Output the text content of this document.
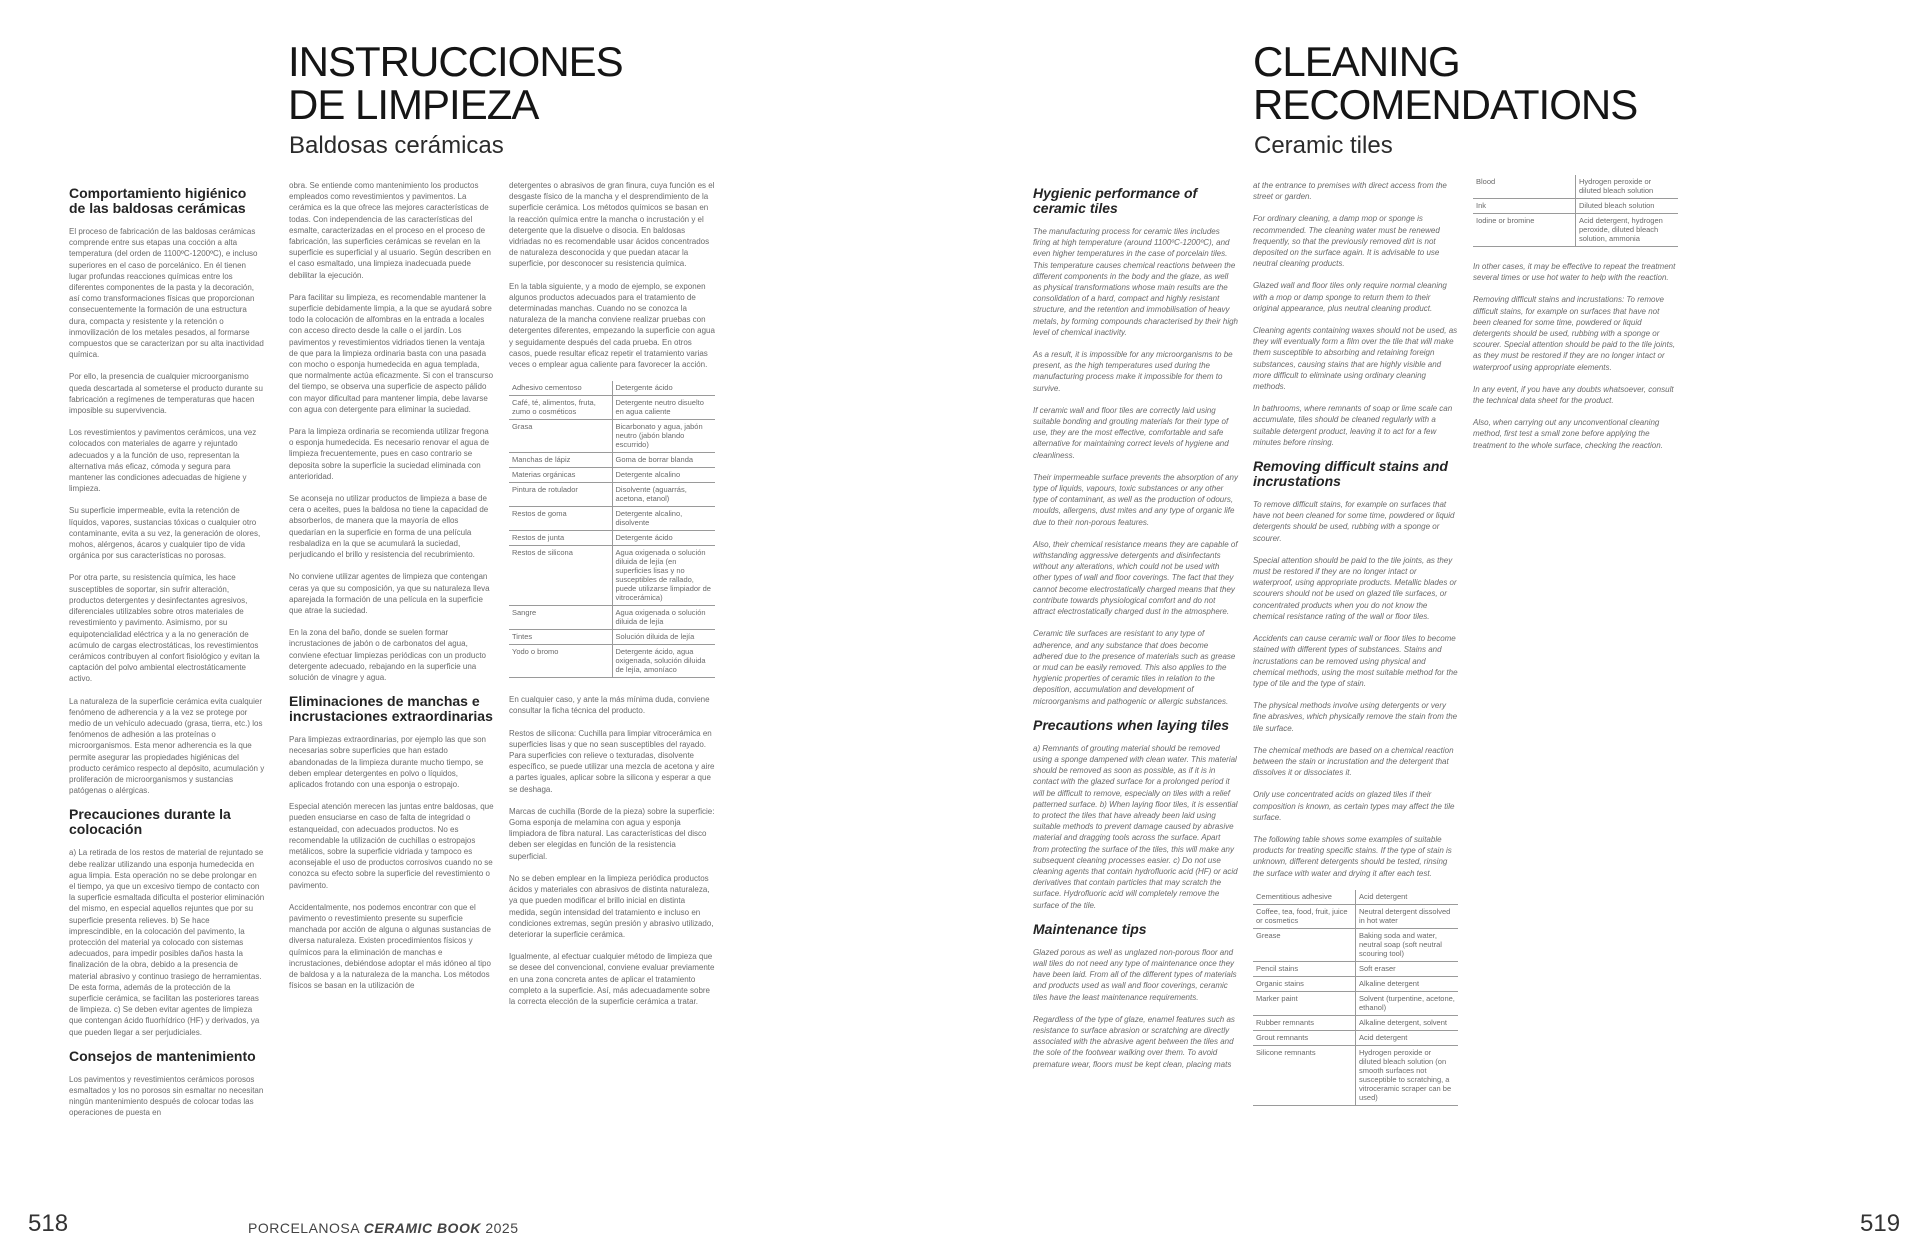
INSTRUCCIONES
DE LIMPIEZA
Baldosas cerámicas
Comportamiento higiénico de las baldosas cerámicas

El proceso de fabricación de las baldosas cerámicas comprende entre sus etapas una cocción a alta temperatura (del orden de 1100ºC-1200ºC), e incluso superiores en el caso de porcelánico. En él tienen lugar profundas reacciones químicas entre los diferentes componentes de la pasta y la decoración, así como transformaciones físicas que proporcionan consecuentemente la formación de una estructura dura, compacta y resistente y la retención o inmovilización de los metales pesados, al formarse compuestos que se caracterizan por su alta inactividad química.

Por ello, la presencia de cualquier microorganismo queda descartada al someterse el producto durante su fabricación a regímenes de temperaturas que hacen imposible su supervivencia.

Los revestimientos y pavimentos cerámicos, una vez colocados con materiales de agarre y rejuntado adecuados y a la función de uso, representan la alternativa más eficaz, cómoda y segura para mantener las condiciones adecuadas de higiene y limpieza.

Su superficie impermeable, evita la retención de líquidos, vapores, sustancias tóxicas o cualquier otro contaminante, evita a su vez, la generación de olores, mohos, alérgenos, ácaros y cualquier tipo de vida orgánica por sus características no porosas.

Por otra parte, su resistencia química, les hace susceptibles de soportar, sin sufrir alteración, productos detergentes y desinfectantes agresivos, diferenciales utilizables sobre otros materiales de revestimiento y pavimento. Asimismo, por su equipotencialidad eléctrica y a la no generación de acúmulo de cargas electrostáticas, los revestimientos cerámicos contribuyen al confort fisiológico y evitan la captación del polvo ambiental electrostáticamente activo.

La naturaleza de la superficie cerámica evita cualquier fenómeno de adherencia y a la vez se protege por medio de un vehículo adecuado (grasa, tierra, etc.) los fenómenos de adhesión a las proteínas o microorganismos. Esta menor adherencia es la que permite asegurar las propiedades higiénicas del producto cerámico respecto al depósito, acumulación y proliferación de microorganismos y sustancias patógenas o alérgicas.

Precauciones durante la colocación

a) La retirada de los restos de material de rejuntado se debe realizar utilizando una esponja humedecida en agua limpia. Esta operación no se debe prolongar en el tiempo, ya que un excesivo tiempo de contacto con la superficie esmaltada dificulta el posterior eliminación del mismo, en especial aquellos rejuntes que por su superficie presenta relieves. b) Se hace imprescindible, en la colocación del pavimento, la protección del material ya colocado con sistemas adecuados, para impedir posibles daños hasta la finalización de la obra, debido a la presencia de material abrasivo y continuo trasiego de herramientas. De esta forma, además de la protección de la superficie cerámica, se facilitan las posteriores tareas de limpieza. c) Se deben evitar agentes de limpieza que contengan ácido fluorhídrico (HF) y derivados, ya que pueden llegar a ser perjudiciales.

Consejos de mantenimiento

Los pavimentos y revestimientos cerámicos porosos esmaltados y los no porosos sin esmaltar no necesitan ningún mantenimiento después de colocar todas las operaciones de puesta en

obra. Se entiende como mantenimiento los productos empleados como revestimientos y pavimentos. La cerámica es la que ofrece las mejores características de todas. Con independencia de las características del esmalte, caracterizadas en el proceso en el proceso de fabricación, las superficies cerámicas se revelan en la superficie es superficial y al usuario. Según describen en el caso esmaltado, una limpieza inadecuada puede debilitar la ejecución.

Para facilitar su limpieza, es recomendable mantener la superficie debidamente limpia, a la que se ayudará sobre todo la colocación de alfombras en la entrada a locales con acceso directo desde la calle o el jardín. Los pavimentos y revestimientos vidriados tienen la ventaja de que para la limpieza ordinaria basta con una pasada con mocho o esponja humedecida en agua templada, que normalmente actúa eficazmente. Si con el transcurso del tiempo, se observa una superficie de aspecto pálido con mayor dificultad para mantener limpia, debe lavarse con agua con detergente para eliminar la suciedad.

Para la limpieza ordinaria se recomienda utilizar fregona o esponja humedecida. Es necesario renovar el agua de limpieza frecuentemente, pues en caso contrario se deposita sobre la superficie la suciedad eliminada con anterioridad.

Se aconseja no utilizar productos de limpieza a base de cera o aceites, pues la baldosa no tiene la capacidad de absorberlos, de manera que la mayoría de ellos quedarían en la superficie en forma de una película resbaladiza en la que se acumulará la suciedad, perjudicando el brillo y resistencia del recubrimiento.

No conviene utilizar agentes de limpieza que contengan ceras ya que su composición, ya que su naturaleza lleva aparejada la formación de una película en la superficie que atrae la suciedad.

En la zona del baño, donde se suelen formar incrustaciones de jabón o de carbonatos del agua, conviene efectuar limpiezas periódicas con un producto detergente adecuado, rebajando en la superficie una solución de vinagre y agua.

Eliminaciones de manchas e incrustaciones extraordinarias

Para limpiezas extraordinarias, por ejemplo las que son necesarias sobre superficies que han estado abandonadas de la limpieza durante mucho tiempo, se deben emplear detergentes en polvo o líquidos, aplicados frotando con una esponja o estropajo.

Especial atención merecen las juntas entre baldosas, que pueden ensuciarse en caso de falta de integridad o estanqueidad, con adecuados productos. No es recomendable la utilización de cuchillas o estropajos metálicos, sobre la superficie vidriada y tampoco es aconsejable el uso de productos corrosivos cuando no se conozca su efecto sobre la superficie del revestimiento o pavimento.

Accidentalmente, nos podemos encontrar con que el pavimento o revestimiento presente su superficie manchada por acción de alguna o algunas sustancias de diversa naturaleza. Existen procedimientos físicos y químicos para la eliminación de manchas e incrustaciones, debiéndose adoptar el más idóneo al tipo de baldosa y a la naturaleza de la mancha. Los métodos físicos se basan en la utilización de

detergentes o abrasivos de gran finura, cuya función es el desgaste físico de la mancha y el desprendimiento de la superficie cerámica. Los métodos químicos se basan en la reacción química entre la mancha o incrustación y el detergente que la disuelve o disocia. En baldosas vidriadas no es recomendable usar ácidos concentrados de naturaleza desconocida y que puedan atacar la superficie, por desconocer su resistencia química.

En la tabla siguiente, y a modo de ejemplo, se exponen algunos productos adecuados para el tratamiento de determinadas manchas. Cuando no se conozca la naturaleza de la mancha conviene realizar pruebas con detergentes diferentes, empezando la superficie con agua y seguidamente después del cada prueba. En otros casos, puede resultar eficaz repetir el tratamiento varias veces o emplear agua caliente para favorecer la acción.

Adhesivo cementoso	Detergente ácido
Café, té, alimentos, fruta, zumo o cosméticos	Detergente neutro disuelto en agua caliente
Grasa	Bicarbonato y agua, jabón neutro (jabón blando escurrido)
Manchas de lápiz	Goma de borrar blanda
Materias orgánicas	Detergente alcalino
Pintura de rotulador	Disolvente (aguarrás, acetona, etanol)
Restos de goma	Detergente alcalino, disolvente
Restos de junta	Detergente ácido
Restos de silicona	Agua oxigenada o solución diluida de lejía (en superficies lisas y no susceptibles de rallado, puede utilizarse limpiador de vitrocerámica)
Sangre	Agua oxigenada o solución diluida de lejía
Tintes	Solución diluida de lejía
Yodo o bromo	Detergente ácido, agua oxigenada, solución diluida de lejía, amoníaco

En cualquier caso, y ante la más mínima duda, conviene consultar la ficha técnica del producto.

Restos de silicona: Cuchilla para limpiar vitrocerámica en superficies lisas y que no sean susceptibles del rayado. Para superficies con relieve o texturadas, disolvente específico, se puede utilizar una mezcla de acetona y aire a partes iguales, aplicar sobre la silicona y esperar a que se deshaga.

Marcas de cuchilla (Borde de la pieza) sobre la superficie: Goma esponja de melamina con agua y esponja limpiadora de fibra natural. Las características del disco deben ser elegidas en función de la resistencia superficial.

No se deben emplear en la limpieza periódica productos ácidos y materiales con abrasivos de distinta naturaleza, ya que pueden modificar el brillo inicial en distinta medida, según intensidad del tratamiento e incluso en condiciones extremas, según presión y abrasivo utilizado, deteriorar la superficie cerámica.

Igualmente, al efectuar cualquier método de limpieza que se desee del convencional, conviene evaluar previamente en una zona concreta antes de aplicar el tratamiento completo a la superficie. Así, más adecuadamente sobre la correcta elección de la superficie cerámica a tratar.

518	PORCELANOSA CERAMIC BOOK 2025
CLEANING
RECOMENDATIONS
Ceramic tiles
Hygienic performance of ceramic tiles

The manufacturing process for ceramic tiles includes firing at high temperature (around 1100ºC-1200ºC), and even higher temperatures in the case of porcelain tiles. This temperature causes chemical reactions between the different components in the body and the glaze, as well as physical transformations whose main results are the consolidation of a hard, compact and highly resistant structure, and the retention and immobilisation of heavy metals, by forming compounds characterised by their high level of chemical inactivity.

As a result, it is impossible for any microorganisms to be present, as the high temperatures used during the manufacturing process make it impossible for them to survive.

If ceramic wall and floor tiles are correctly laid using suitable bonding and grouting materials for their type of use, they are the most effective, comfortable and safe alternative for maintaining correct levels of hygiene and cleanliness.

Their impermeable surface prevents the absorption of any type of liquids, vapours, toxic substances or any other type of contaminant, as well as the production of odours, moulds, allergens, dust mites and any type of organic life due to their non-porous features.

Also, their chemical resistance means they are capable of withstanding aggressive detergents and disinfectants without any alterations, which could not be used with other types of wall and floor coverings. The fact that they cannot become electrostatically charged means that they contribute towards physiological comfort and do not attract electrostatically charged dust in the atmosphere.

Ceramic tile surfaces are resistant to any type of adherence, and any substance that does become adhered due to the presence of materials such as grease or mud can be easily removed. This also applies to the hygienic properties of ceramic tiles in relation to the deposition, accumulation and development of microorganisms and pathogenic or allergic substances.

Precautions when laying tiles

a) Remnants of grouting material should be removed using a sponge dampened with clean water. This material should be removed as soon as possible, as if it is in contact with the glazed surface for a prolonged period it will be difficult to remove, especially on tiles with a relief patterned surface. b) When laying floor tiles, it is essential to protect the tiles that have already been laid using suitable methods to prevent damage caused by abrasive material and dragging tools across the surface. Apart from protecting the surface of the tiles, this will make any subsequent cleaning processes easier. c) Do not use cleaning agents that contain hydrofluoric acid (HF) or acid derivatives that contain particles that may scratch the surface. Hydrofluoric acid will completely remove the surface of the tile.

Maintenance tips

Glazed porous as well as unglazed non-porous floor and wall tiles do not need any type of maintenance once they have been laid. From all of the different types of materials and products used as wall and floor coverings, ceramic tiles have the least maintenance requirements.

Regardless of the type of glaze, enamel features such as resistance to surface abrasion or scratching are directly associated with the abrasive agent between the tiles and the sole of the footwear walking over them. To avoid premature wear, floors must be kept clean, placing mats

at the entrance to premises with direct access from the street or garden.

For ordinary cleaning, a damp mop or sponge is recommended. The cleaning water must be renewed frequently, so that the previously removed dirt is not deposited on the surface again. It is advisable to use neutral cleaning products.

Glazed wall and floor tiles only require normal cleaning with a mop or damp sponge to return them to their original appearance, plus neutral cleaning product.

Cleaning agents containing waxes should not be used, as they will eventually form a film over the tile that will make them susceptible to absorbing and retaining foreign substances, causing stains that are highly visible and more difficult to eliminate using ordinary cleaning methods.

In bathrooms, where remnants of soap or lime scale can accumulate, tiles should be cleaned regularly with a suitable detergent product, leaving it to act for a few minutes before rinsing.

Removing difficult stains and incrustations

To remove difficult stains, for example on surfaces that have not been cleaned for some time, powdered or liquid detergents should be used, rubbing with a sponge or scourer.

Special attention should be paid to the tile joints, as they must be restored if they are no longer intact or waterproof, using appropriate products. Metallic blades or scourers should not be used on glazed tile surfaces, or concentrated products when you do not know the chemical resistance rating of the wall or floor tiles.

Accidents can cause ceramic wall or floor tiles to become stained with different types of substances. Stains and incrustations can be removed using physical and chemical methods, using the most suitable method for the type of tile and the type of stain.

The physical methods involve using detergents or very fine abrasives, which physically remove the stain from the tile surface.

The chemical methods are based on a chemical reaction between the stain or incrustation and the detergent that dissolves it or dissociates it.

Only use concentrated acids on glazed tiles if their composition is known, as certain types may affect the tile surface.

The following table shows some examples of suitable products for treating specific stains. If the type of stain is unknown, different detergents should be tested, rinsing the surface with water and drying it after each test.

Cementitious adhesive	Acid detergent
Coffee, tea, food, fruit, juice or cosmetics	Neutral detergent dissolved in hot water
Grease	Baking soda and water, neutral soap (soft neutral scouring tool)
Pencil stains	Soft eraser
Organic stains	Alkaline detergent
Marker paint	Solvent (turpentine, acetone, ethanol)
Rubber remnants	Alkaline detergent, solvent
Grout remnants	Acid detergent
Silicone remnants	Hydrogen peroxide or diluted bleach solution (on smooth surfaces not susceptible to scratching, a vitroceramic scraper can be used)
Blood	Hydrogen peroxide or diluted bleach solution
Ink	Diluted bleach solution
Iodine or bromine	Acid detergent, hydrogen peroxide, diluted bleach solution, ammonia

In other cases, it may be effective to repeat the treatment several times or use hot water to help with the reaction.

Removing difficult stains and incrustations: To remove difficult stains, for example on surfaces that have not been cleaned for some time, powdered or liquid detergents should be used, rubbing with a sponge or scourer. Special attention should be paid to the tile joints, as they must be restored if they are no longer intact or waterproof using appropriate elements.

In any event, if you have any doubts whatsoever, consult the technical data sheet for the product.

Also, when carrying out any unconventional cleaning method, first test a small zone before applying the treatment to the whole surface, checking the reaction.

519
